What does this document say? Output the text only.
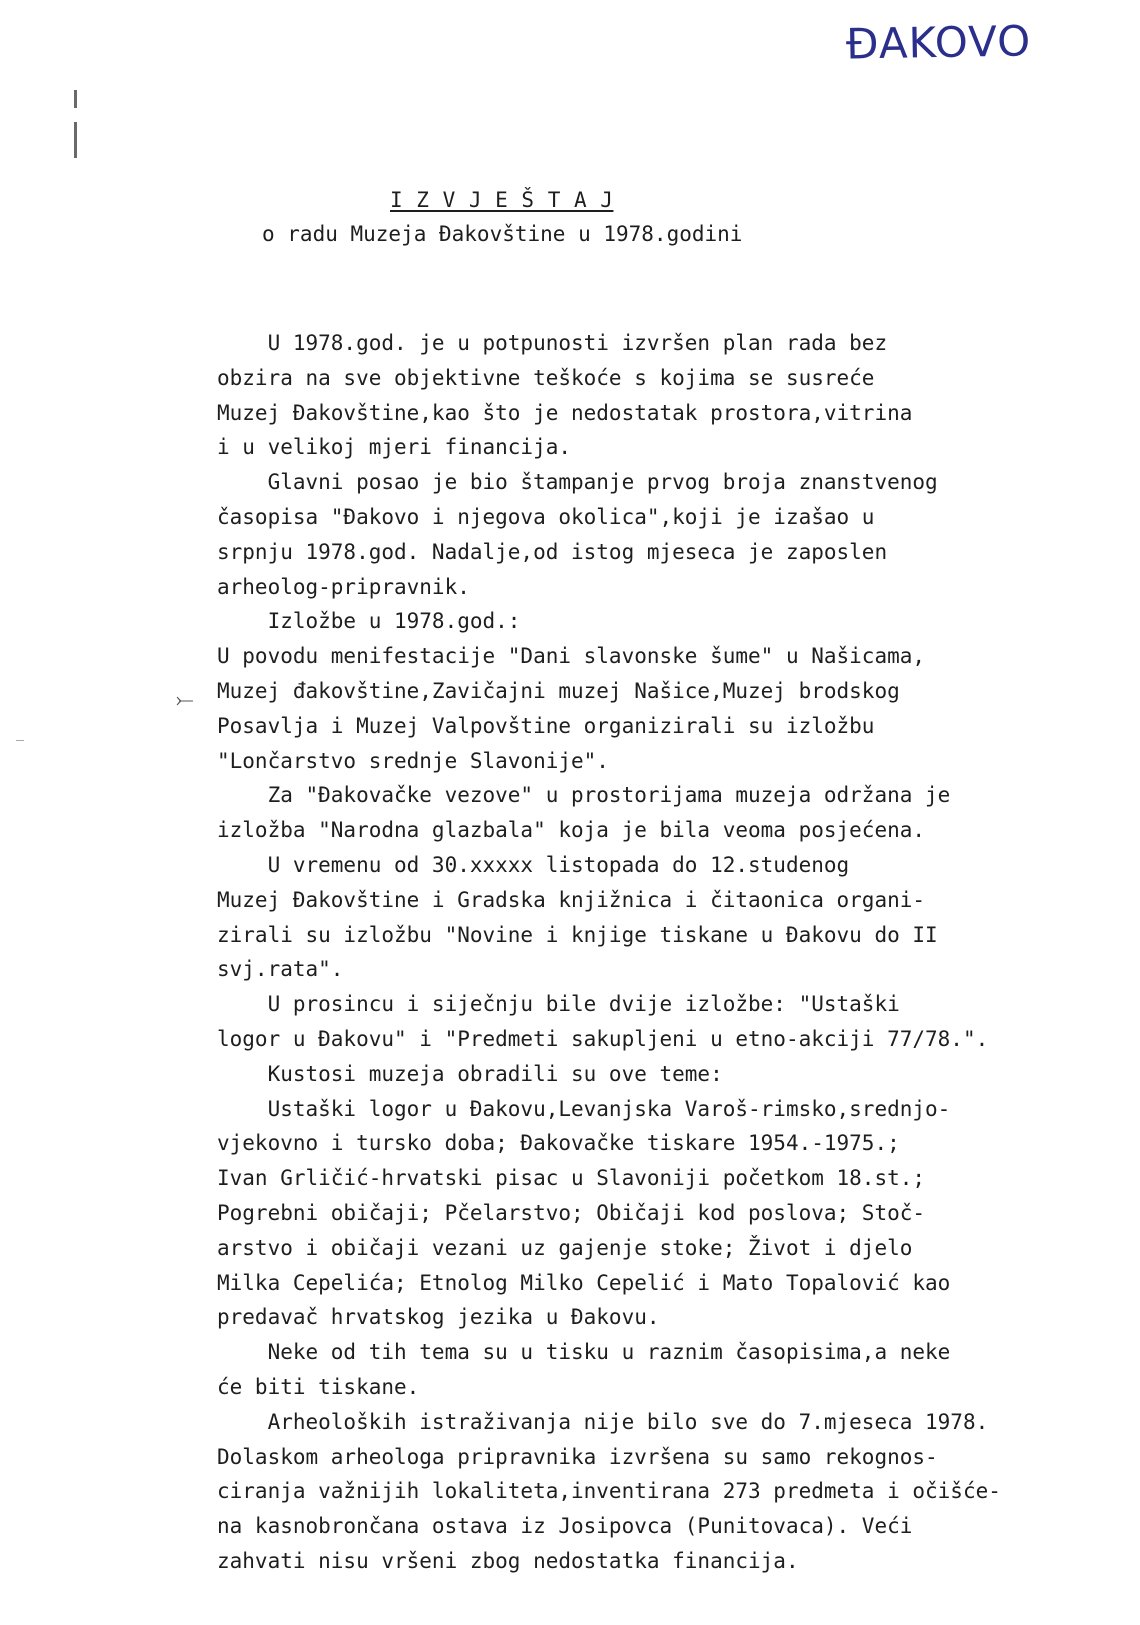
ĐAKOVO
I Z V J E Š T A J
o radu Muzeja Đakovštine u 1978.godini
⤚
U 1978.god. je u potpunosti izvršen plan rada bez
obzira na sve objektivne teškoće s kojima se susreće
Muzej Đakovštine,kao što je nedostatak prostora,vitrina
i u velikoj mjeri financija.
Glavni posao je bio štampanje prvog broja znanstvenog
časopisa "Đakovo i njegova okolica",koji je izašao u
srpnju 1978.god. Nadalje,od istog mjeseca je zaposlen
arheolog-pripravnik.
Izložbe u 1978.god.:
U povodu menifestacije "Dani slavonske šume" u Našicama,
Muzej đakovštine,Zavičajni muzej Našice,Muzej brodskog
Posavlja i Muzej Valpovštine organizirali su izložbu
"Lončarstvo srednje Slavonije".
Za "Đakovačke vezove" u prostorijama muzeja održana je
izložba "Narodna glazbala" koja je bila veoma posjećena.
U vremenu od 30.xxxxx listopada do 12.studenog
Muzej Đakovštine i Gradska knjižnica i čitaonica organi-
zirali su izložbu "Novine i knjige tiskane u Đakovu do II
svj.rata".
U prosincu i siječnju bile dvije izložbe: "Ustaški
logor u Đakovu" i "Predmeti sakupljeni u etno-akciji 77/78.".
Kustosi muzeja obradili su ove teme:
Ustaški logor u Đakovu,Levanjska Varoš-rimsko,srednjo-
vjekovno i tursko doba; Đakovačke tiskare 1954.-1975.;
Ivan Grličić-hrvatski pisac u Slavoniji početkom 18.st.;
Pogrebni običaji; Pčelarstvo; Običaji kod poslova; Stoč-
arstvo i običaji vezani uz gajenje stoke; Život i djelo
Milka Cepelića; Etnolog Milko Cepelić i Mato Topalović kao
predavač hrvatskog jezika u Đakovu.
Neke od tih tema su u tisku u raznim časopisima,a neke
će biti tiskane.
Arheoloških istraživanja nije bilo sve do 7.mjeseca 1978.
Dolaskom arheologa pripravnika izvršena su samo rekognos-
ciranja važnijih lokaliteta,inventirana 273 predmeta i očišće-
na kasnobrončana ostava iz Josipovca (Punitovaca). Veći
zahvati nisu vršeni zbog nedostatka financija.
